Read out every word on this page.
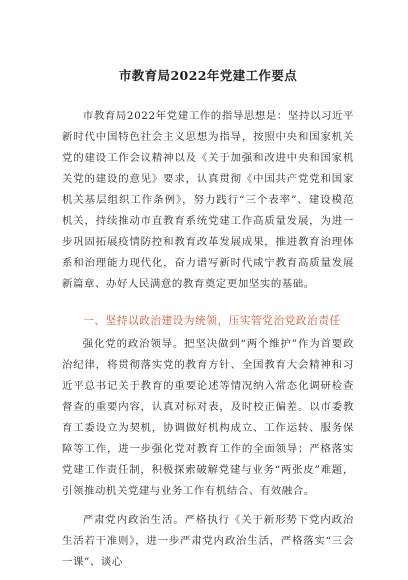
市教育局2022年党建工作要点

市教育局2022年党建工作的指导思想是：坚持以习近平新时代中国特色社会主义思想为指导，按照中央和国家机关党的建设工作会议精神以及《关于加强和改进中央和国家机关党的建设的意见》要求，认真贯彻《中国共产党党和国家机关基层组织工作条例》，努力践行“三个表率”、建设模范机关，持续推动市直教育系统党建工作高质量发展，为进一步巩固拓展疫情防控和教育改革发展成果，推进教育治理体系和治理能力现代化，奋力谱写新时代咸宁教育高质量发展新篇章、办好人民满意的教育奠定更加坚实的基础。

一、坚持以政治建设为统领，压实管党治党政治责任

强化党的政治领导。把坚决做到“两个维护”作为首要政治纪律，将贯彻落实党的教育方针、全国教育大会精神和习近平总书记关于教育的重要论述等情况纳入常态化调研检查督查的重要内容，认真对标对表，及时校正偏差。以市委教育工委设立为契机，协调做好机构成立、工作运转、服务保障等工作，进一步强化党对教育工作的全面领导；严格落实党建工作责任制，积极探索破解党建与业务“两张皮”难题，引领推动机关党建与业务工作有机结合、有效融合。

严肃党内政治生活。严格执行《关于新形势下党内政治生活若干准则》，进一步严肃党内政治生活，严格落实“三会一课”、谈心
